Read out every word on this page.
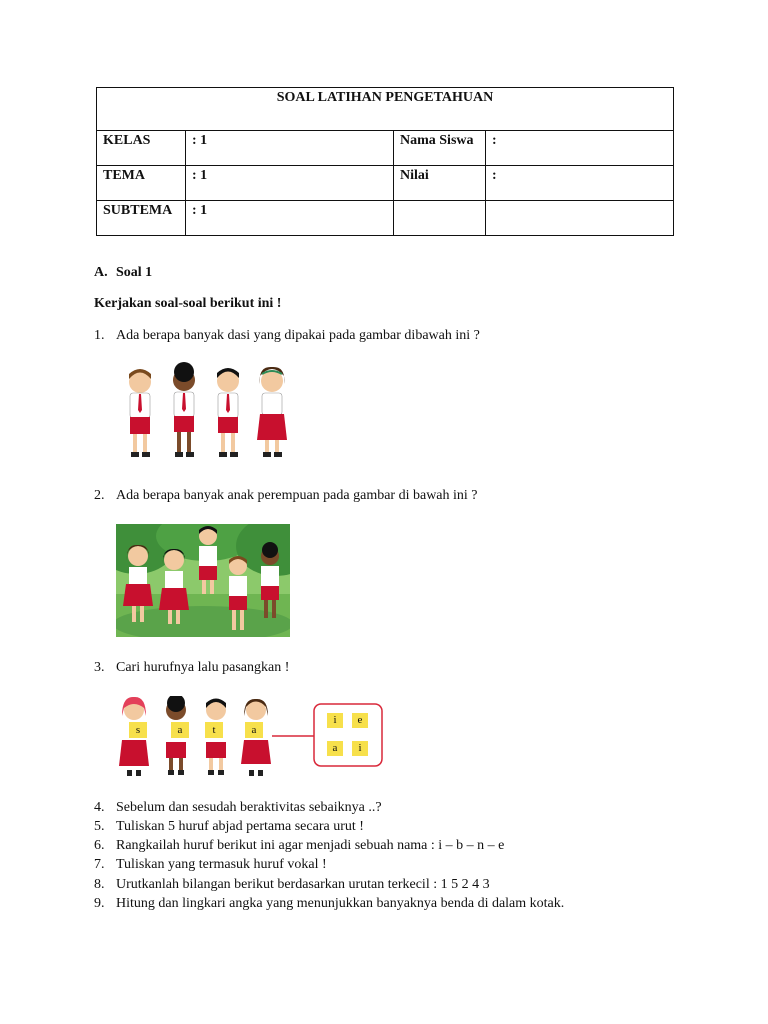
SOAL LATIHAN PENGETAHUAN			
KELAS	: 1	Nama Siswa	:
TEMA	: 1	Nilai	:
SUBTEMA	: 1		
A. Soal 1
Kerjakan soal-soal berikut ini !
1. Ada berapa banyak dasi yang dipakai pada gambar dibawah ini ?
2. Ada berapa banyak anak perempuan pada gambar di bawah ini ?
3. Cari hurufnya lalu pasangkan !
s	a	t	a
i	e
a	i
4. Sebelum dan sesudah beraktivitas sebaiknya ..?
5. Tuliskan 5 huruf abjad pertama secara urut !
6. Rangkailah huruf berikut ini agar menjadi sebuah nama : i – b – n – e
7. Tuliskan yang termasuk huruf vokal !
8. Urutkanlah bilangan berikut berdasarkan urutan terkecil : 1 5 2 4 3
9. Hitung dan lingkari angka yang menunjukkan banyaknya benda di dalam kotak.
